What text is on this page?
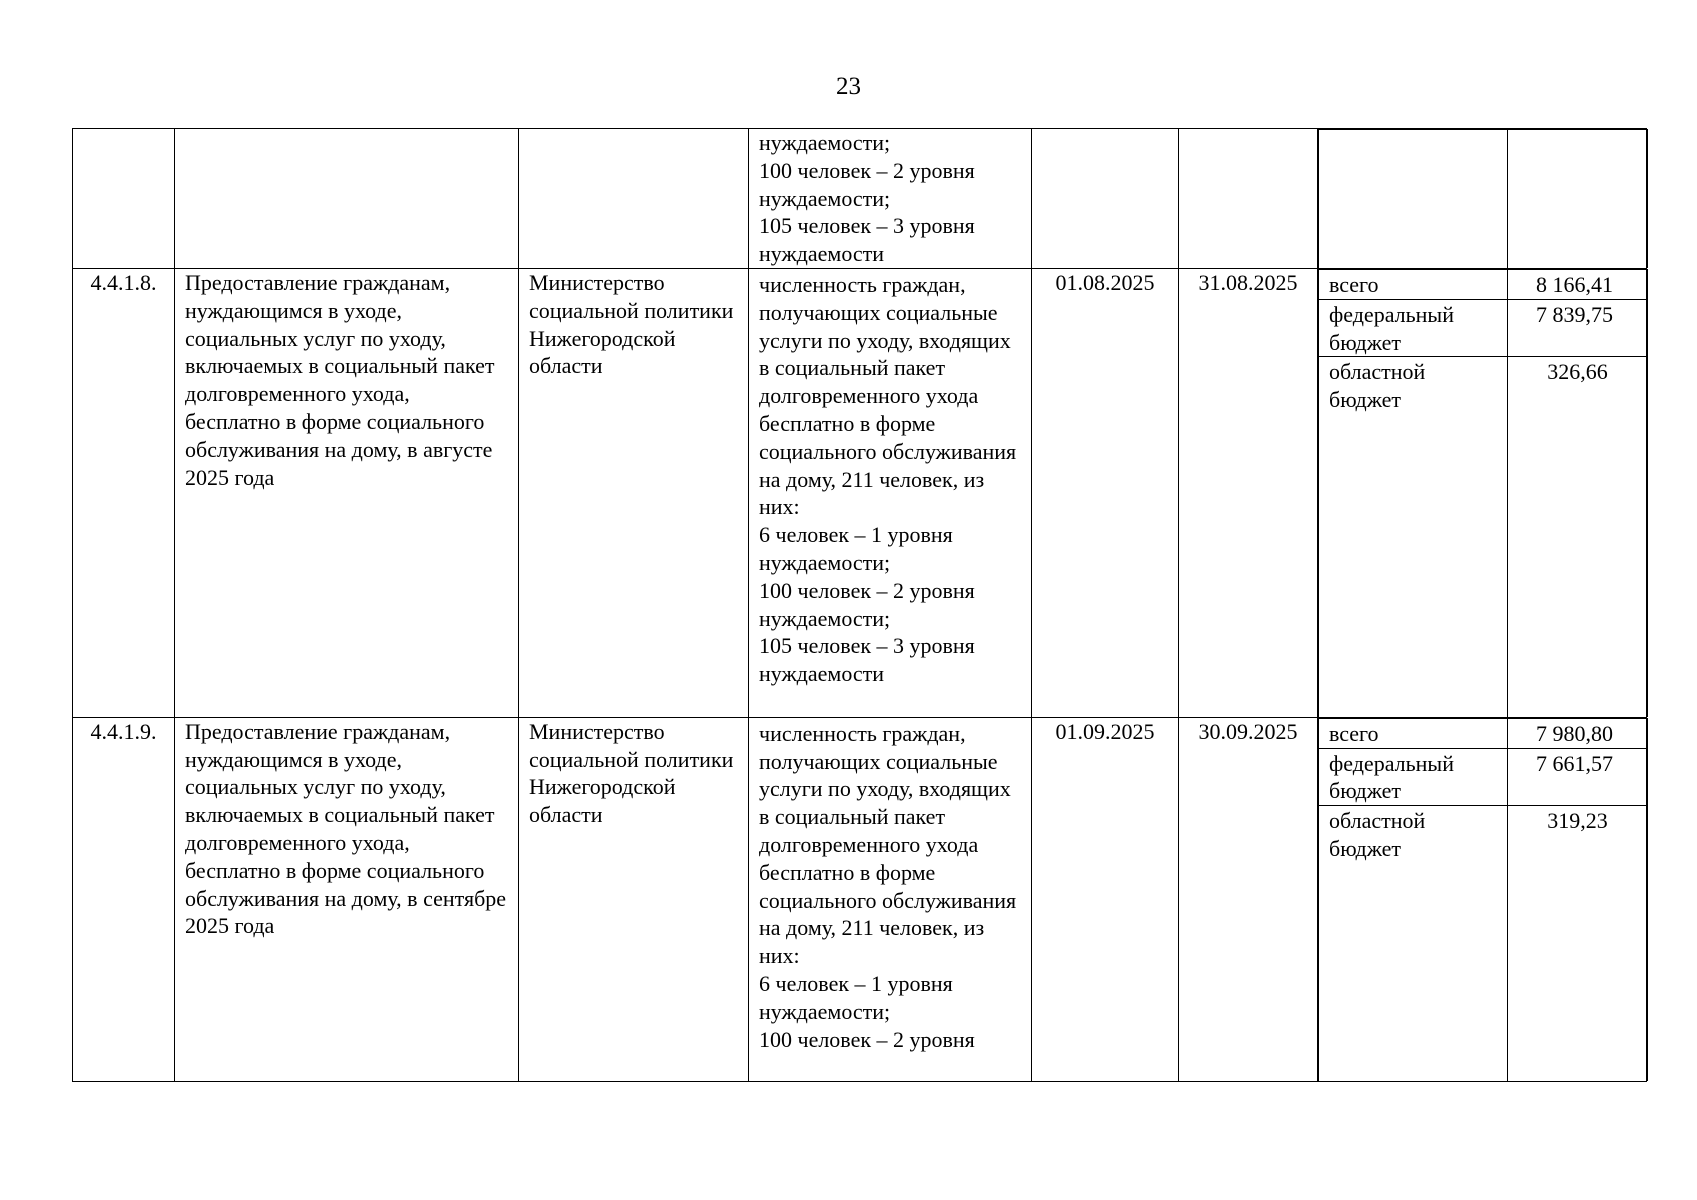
23
			нуждаемости;
100 человек – 2 уровня нуждаемости;
105 человек – 3 уровня нуждаемости			

4.4.1.8.	Предоставление гражданам, нуждающимся в уходе, социальных услуг по уходу, включаемых в социальный пакет долговременного ухода, бесплатно в форме социального обслуживания на дому, в августе 2025 года	Министерство социальной политики Нижегородской области	численность граждан, получающих социальные услуги по уходу, входящих в социальный пакет долговременного ухода бесплатно в форме социального обслуживания на дому, 211 человек, из них:
6 человек – 1 уровня нуждаемости;
100 человек – 2 уровня нуждаемости;
105 человек – 3 уровня нуждаемости	01.08.2025	31.08.2025	всего	8 166,41
федеральный бюджет	7 839,75
областной бюджет	326,66

4.4.1.9.	Предоставление гражданам, нуждающимся в уходе, социальных услуг по уходу, включаемых в социальный пакет долговременного ухода, бесплатно в форме социального обслуживания на дому, в сентябре 2025 года	Министерство социальной политики Нижегородской области	численность граждан, получающих социальные услуги по уходу, входящих в социальный пакет долговременного ухода бесплатно в форме социального обслуживания на дому, 211 человек, из них:
6 человек – 1 уровня нуждаемости;
100 человек – 2 уровня	01.09.2025	30.09.2025	всего	7 980,80
федеральный бюджет	7 661,57
областной бюджет	319,23
